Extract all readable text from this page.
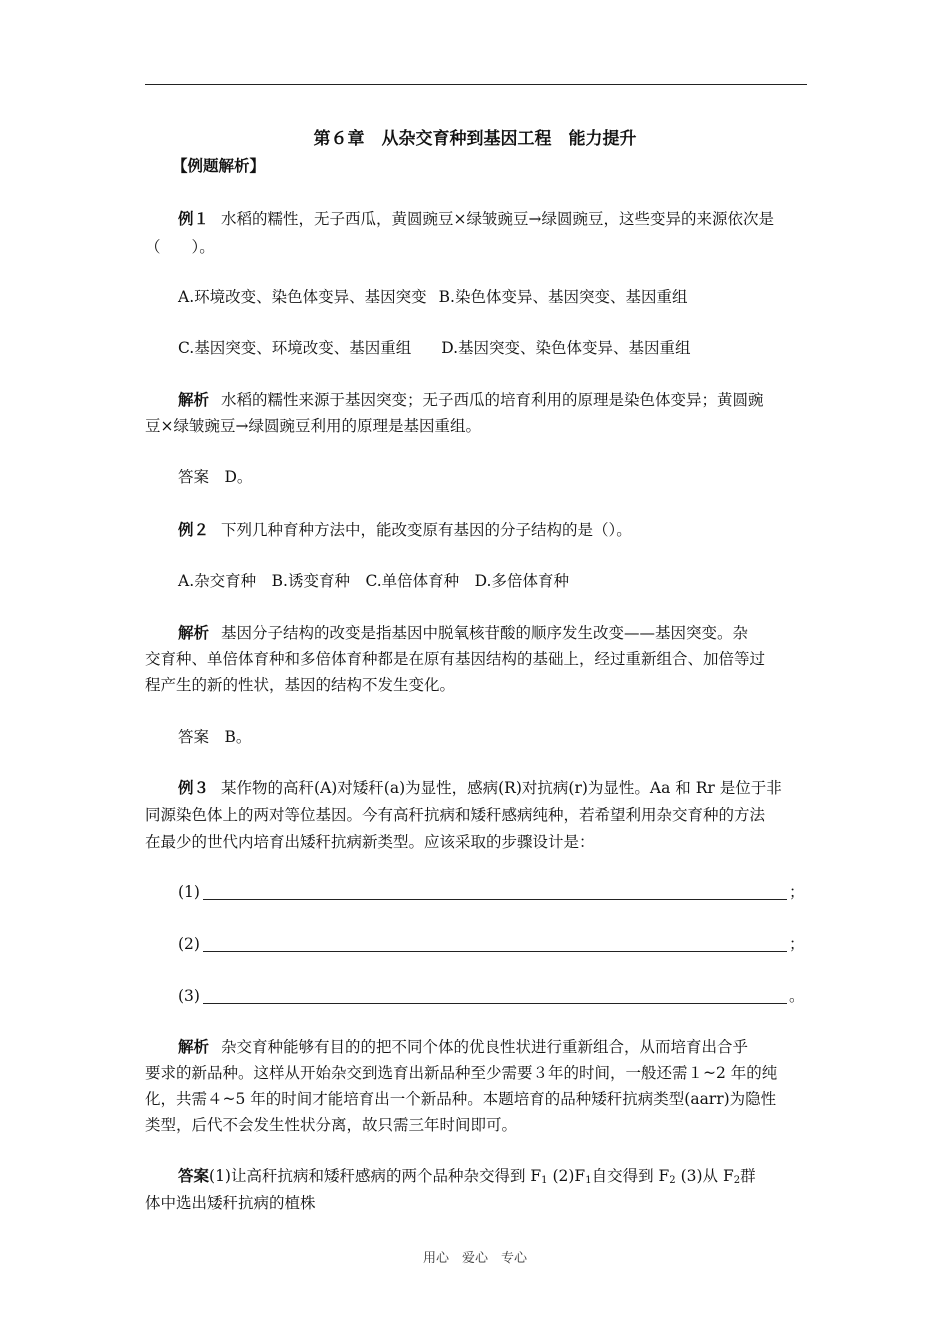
第６章　从杂交育种到基因工程　能力提升
【例题解析】
例１ 水稻的糯性，无子西瓜，黄圆豌豆×绿皱豌豆→绿圆豌豆，这些变异的来源依次是
（　　）。
A.环境改变、染色体变异、基因突变 B.染色体变异、基因突变、基因重组
C.基因突变、环境改变、基因重组 D.基因突变、染色体变异、基因重组
解析 水稻的糯性来源于基因突变；无子西瓜的培育利用的原理是染色体变异；黄圆豌
豆×绿皱豌豆→绿圆豌豆利用的原理是基因重组。
答案　D。
例２ 下列几种育种方法中，能改变原有基因的分子结构的是（）。
A.杂交育种　B.诱变育种　C.单倍体育种　D.多倍体育种
解析 基因分子结构的改变是指基因中脱氧核苷酸的顺序发生改变——基因突变。杂
交育种、单倍体育种和多倍体育种都是在原有基因结构的基础上，经过重新组合、加倍等过
程产生的新的性状，基因的结构不发生变化。
答案　B。
例３ 某作物的高秆(A)对矮秆(a)为显性，感病(R)对抗病(r)为显性。Aa 和 Rr 是位于非
同源染色体上的两对等位基因。今有高秆抗病和矮秆感病纯种，若希望利用杂交育种的方法
在最少的世代内培育出矮秆抗病新类型。应该采取的步骤设计是：
(1)	；
(2)	；
(3)	。
解析 杂交育种能够有目的的把不同个体的优良性状进行重新组合，从而培育出合乎
要求的新品种。这样从开始杂交到选育出新品种至少需要３年的时间，一般还需１~2 年的纯
化，共需４~5 年的时间才能培育出一个新品种。本题培育的品种矮秆抗病类型(aarr)为隐性
类型，后代不会发生性状分离，故只需三年时间即可。
答案(1)让高秆抗病和矮秆感病的两个品种杂交得到 $F_1$ $(2)F_1$自交得到 $F_2$ (3)从 $F_2$群
体中选出矮秆抗病的植株
用心　爱心　专心
